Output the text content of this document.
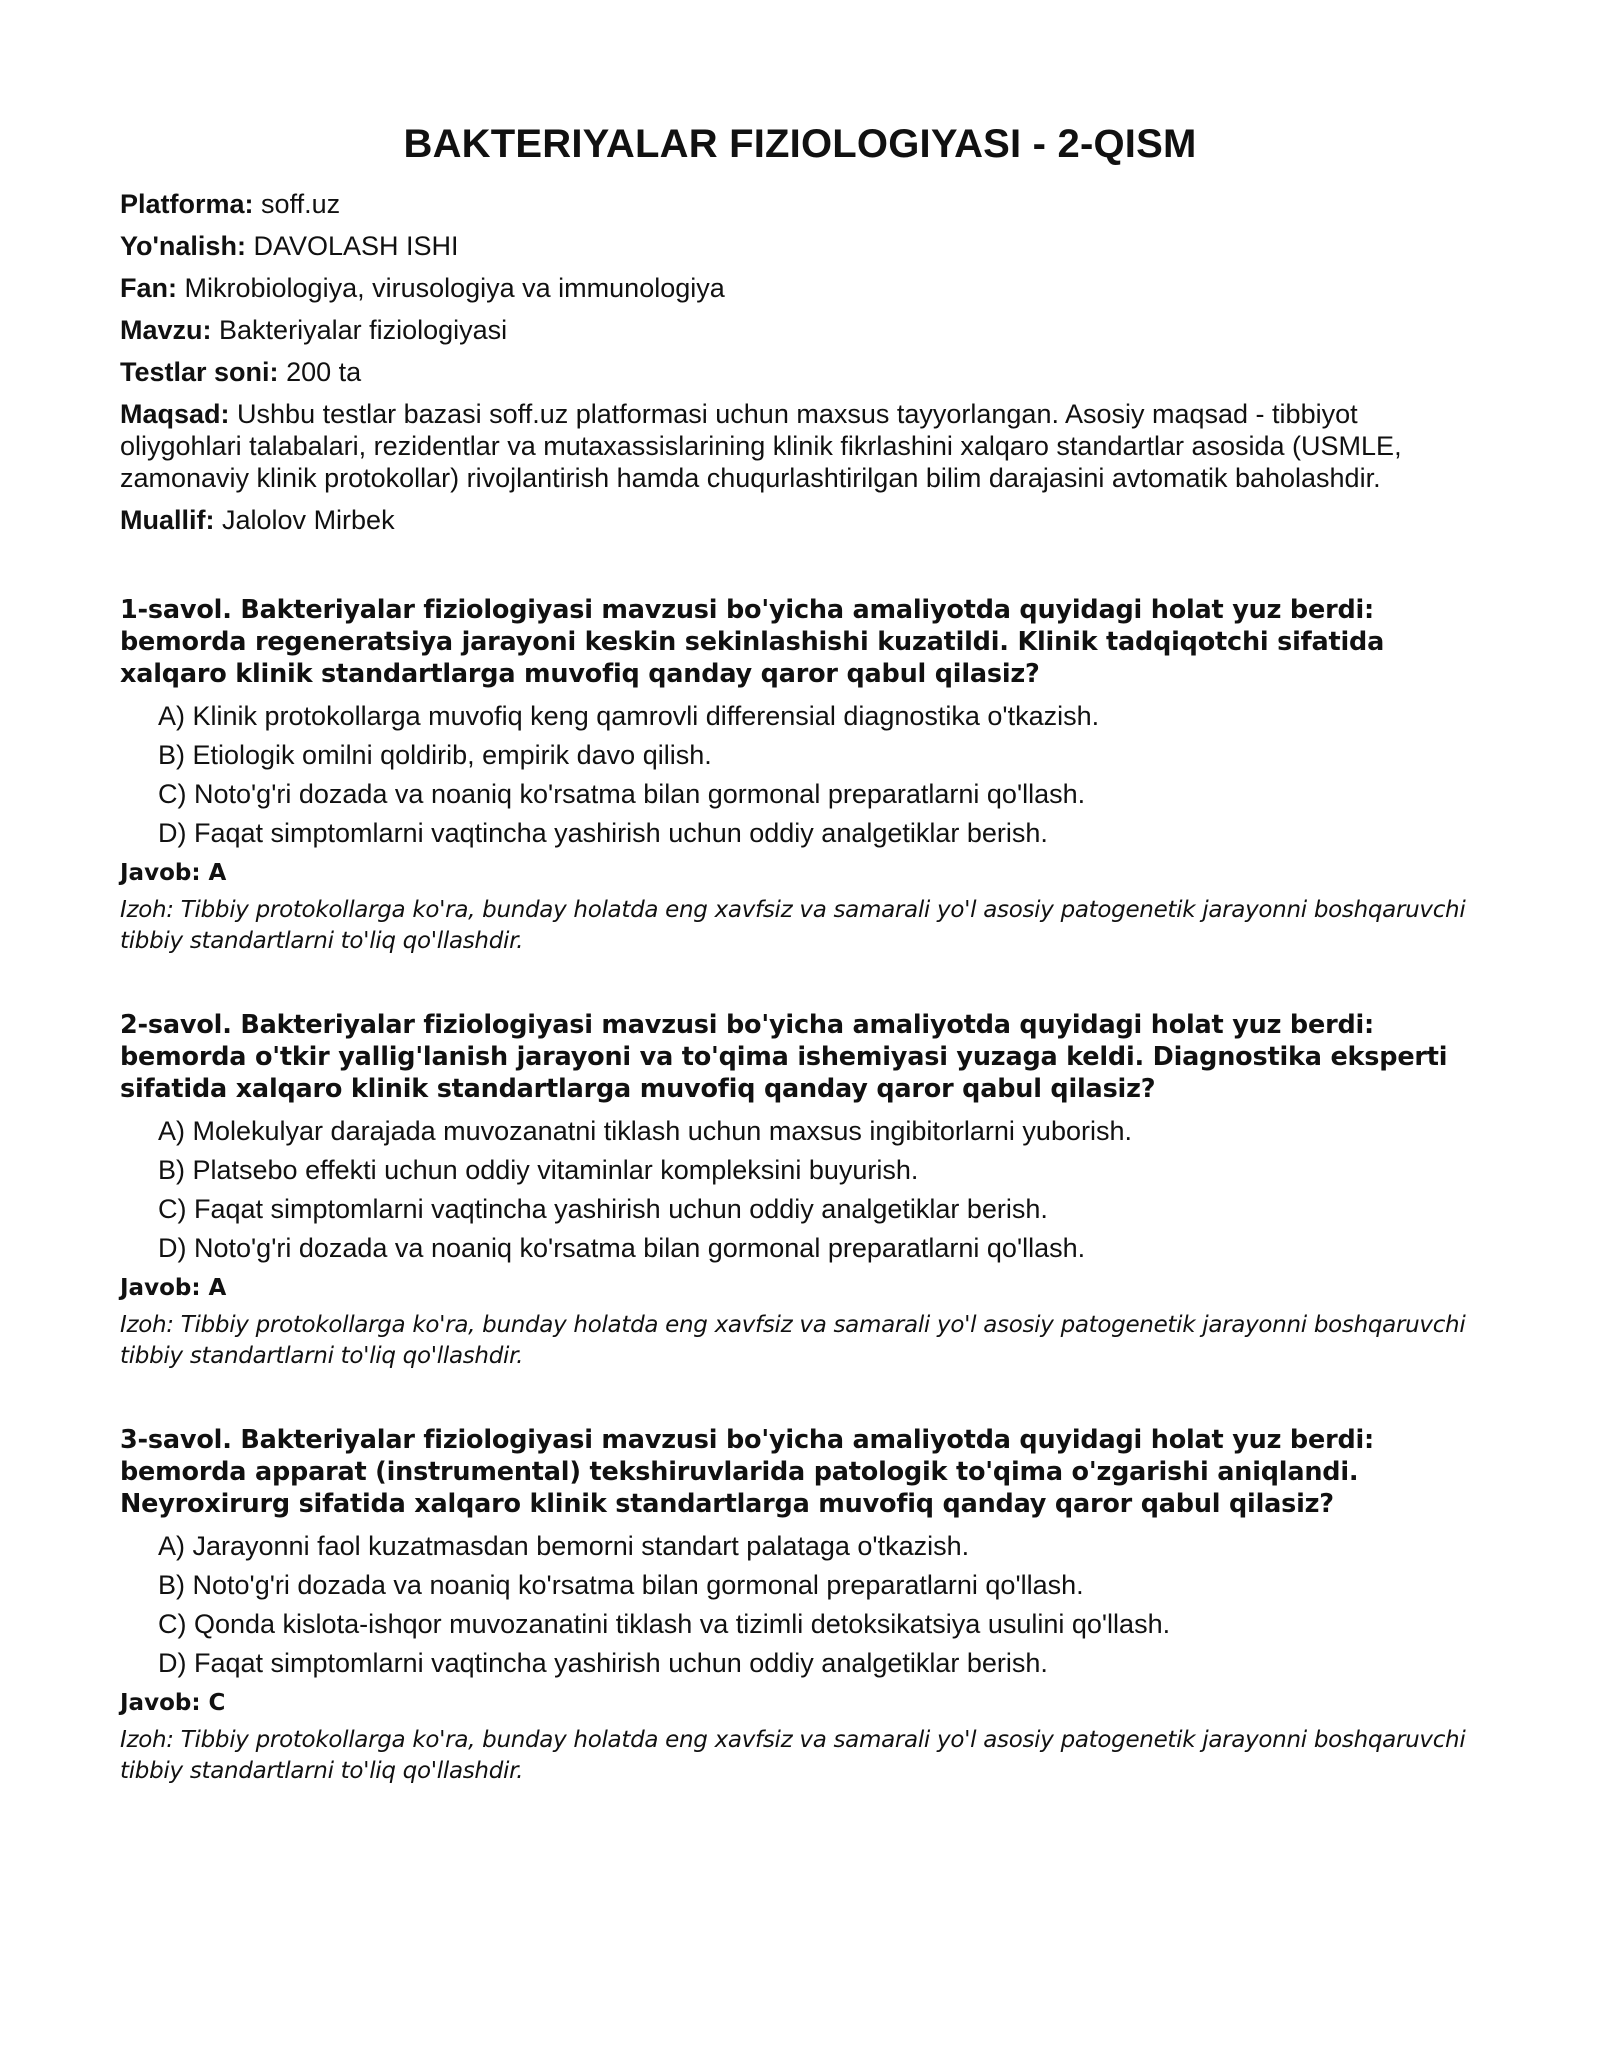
BAKTERIYALAR FIZIOLOGIYASI - 2-QISM
Platforma: soff.uz
Yo'nalish: DAVOLASH ISHI
Fan: Mikrobiologiya, virusologiya va immunologiya
Mavzu: Bakteriyalar fiziologiyasi
Testlar soni: 200 ta
Maqsad: Ushbu testlar bazasi soff.uz platformasi uchun maxsus tayyorlangan. Asosiy maqsad - tibbiyot oliygohlari talabalari, rezidentlar va mutaxassislarining klinik fikrlashini xalqaro standartlar asosida (USMLE, zamonaviy klinik protokollar) rivojlantirish hamda chuqurlashtirilgan bilim darajasini avtomatik baholashdir.
Muallif: Jalolov Mirbek

1-savol. Bakteriyalar fiziologiyasi mavzusi bo'yicha amaliyotda quyidagi holat yuz berdi: bemorda regeneratsiya jarayoni keskin sekinlashishi kuzatildi. Klinik tadqiqotchi sifatida xalqaro klinik standartlarga muvofiq qanday qaror qabul qilasiz?

A) Klinik protokollarga muvofiq keng qamrovli differensial diagnostika o'tkazish.
B) Etiologik omilni qoldirib, empirik davo qilish.
C) Noto'g'ri dozada va noaniq ko'rsatma bilan gormonal preparatlarni qo'llash.
D) Faqat simptomlarni vaqtincha yashirish uchun oddiy analgetiklar berish.

Javob: A

Izoh: Tibbiy protokollarga ko'ra, bunday holatda eng xavfsiz va samarali yo'l asosiy patogenetik jarayonni boshqaruvchi tibbiy standartlarni to'liq qo'llashdir.

2-savol. Bakteriyalar fiziologiyasi mavzusi bo'yicha amaliyotda quyidagi holat yuz berdi: bemorda o'tkir yallig'lanish jarayoni va to'qima ishemiyasi yuzaga keldi. Diagnostika eksperti sifatida xalqaro klinik standartlarga muvofiq qanday qaror qabul qilasiz?

A) Molekulyar darajada muvozanatni tiklash uchun maxsus ingibitorlarni yuborish.
B) Platsebo effekti uchun oddiy vitaminlar kompleksini buyurish.
C) Faqat simptomlarni vaqtincha yashirish uchun oddiy analgetiklar berish.
D) Noto'g'ri dozada va noaniq ko'rsatma bilan gormonal preparatlarni qo'llash.

Javob: A

Izoh: Tibbiy protokollarga ko'ra, bunday holatda eng xavfsiz va samarali yo'l asosiy patogenetik jarayonni boshqaruvchi tibbiy standartlarni to'liq qo'llashdir.

3-savol. Bakteriyalar fiziologiyasi mavzusi bo'yicha amaliyotda quyidagi holat yuz berdi: bemorda apparat (instrumental) tekshiruvlarida patologik to'qima o'zgarishi aniqlandi. Neyroxirurg sifatida xalqaro klinik standartlarga muvofiq qanday qaror qabul qilasiz?

A) Jarayonni faol kuzatmasdan bemorni standart palataga o'tkazish.
B) Noto'g'ri dozada va noaniq ko'rsatma bilan gormonal preparatlarni qo'llash.
C) Qonda kislota-ishqor muvozanatini tiklash va tizimli detoksikatsiya usulini qo'llash.
D) Faqat simptomlarni vaqtincha yashirish uchun oddiy analgetiklar berish.

Javob: C

Izoh: Tibbiy protokollarga ko'ra, bunday holatda eng xavfsiz va samarali yo'l asosiy patogenetik jarayonni boshqaruvchi tibbiy standartlarni to'liq qo'llashdir.
